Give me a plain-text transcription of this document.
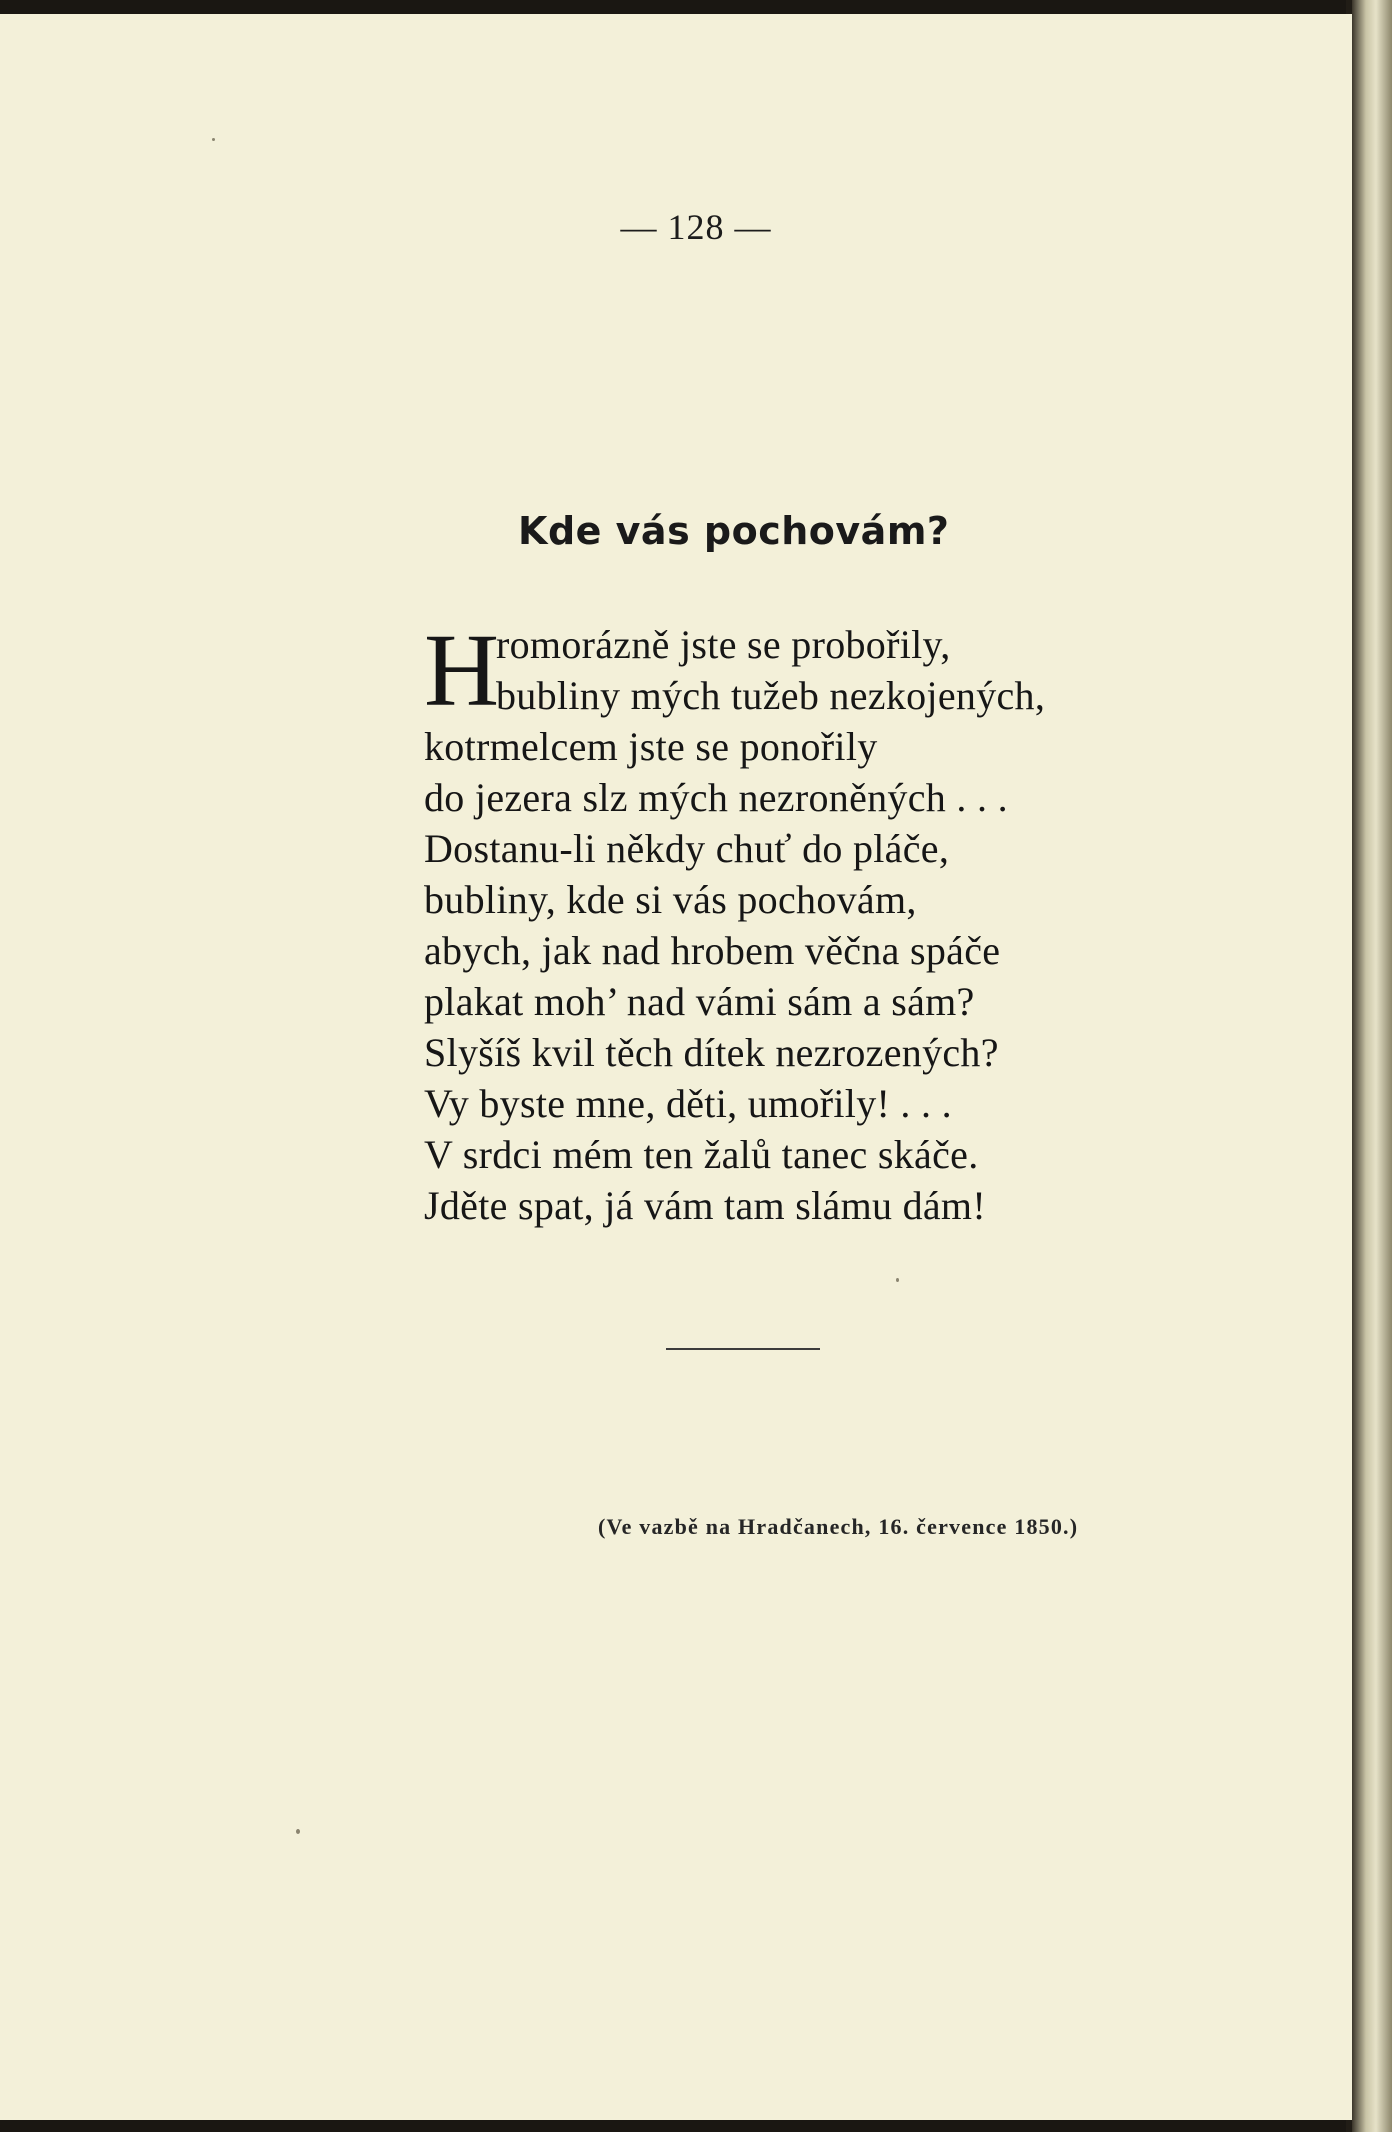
— 128 —
Kde vás pochovám?
H
romorázně jste se probořily,
bubliny mých tužeb nezkojených,
kotrmelcem jste se ponořily
do jezera slz mých nezroněných . . .
Dostanu-li někdy chuť do pláče,
bubliny, kde si vás pochovám,
abych, jak nad hrobem věčna spáče
plakat moh’ nad vámi sám a sám?
Slyšíš kvil těch dítek nezrozených?
Vy byste mne, děti, umořily! . . .
V srdci mém ten žalů tanec skáče.
Jděte spat, já vám tam slámu dám!
(Ve vazbě na Hradčanech, 16. července 1850.)
